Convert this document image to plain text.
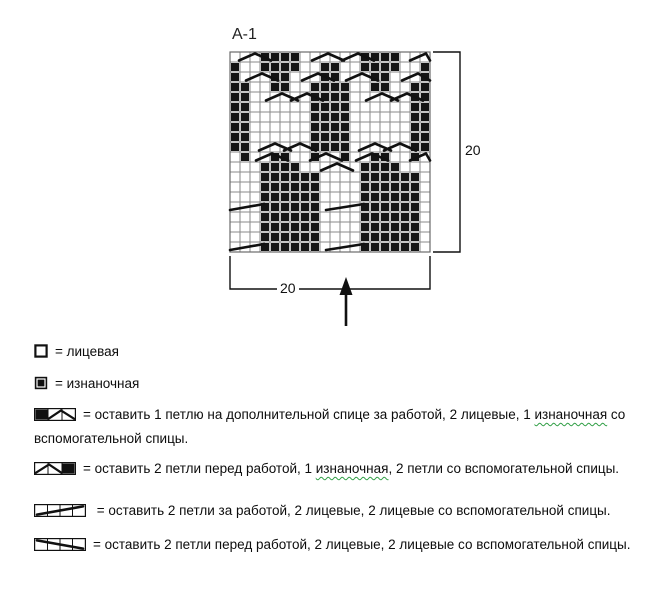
A-1
20
20
= лицевая
= изнаночная
= оставить 1 петлю на дополнительной спице за работой, 2 лицевые, 1 изнаночная со вспомогательной спицы.
= оставить 2 петли перед работой, 1 изнаночная, 2 петли со вспомогательной спицы.
= оставить 2 петли за работой, 2 лицевые, 2 лицевые со вспомогательной спицы.
= оставить 2 петли перед работой, 2 лицевые, 2 лицевые со вспомогательной спицы.
